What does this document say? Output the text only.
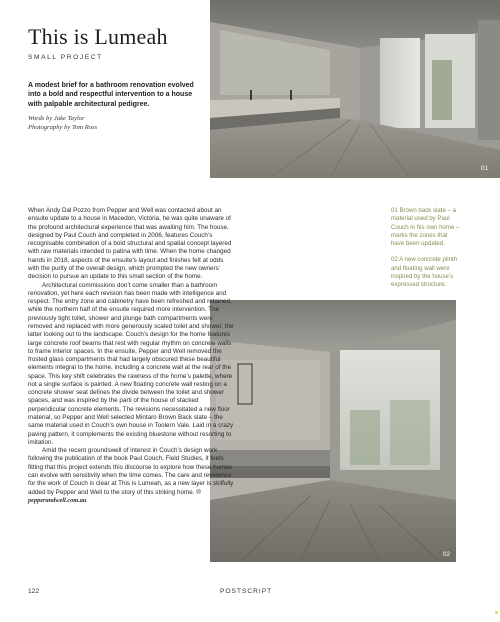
This is Lumeah
SMALL PROJECT
A modest brief for a bathroom renovation evolved into a bold and respectful intervention to a house with palpable architectural pedigree.
Words by Jake Taylor
Photography by Tom Ross
01
02

When Andy Dal Pozzo from Pepper and Well was contacted about an ensuite update to a house in Macedon, Victoria, he was quite unaware of the profound architectural experience that was awaiting him. The house, designed by Paul Couch and completed in 2006, features Couch’s recognisable combination of a bold structural and spatial concept layered with raw materials intended to patina with time. When the home changed hands in 2018, aspects of the ensuite’s layout and finishes felt at odds with the purity of the overall design, which prompted the new owners’ decision to pursue an update to this small section of the home.

Architectural commissions don’t come smaller than a bathroom renovation, yet here each revision has been made with intelligence and respect. The entry zone and cabinetry have been refreshed and retained, while the northern half of the ensuite required more intervention. The previously tight toilet, shower and plunge bath compartments were removed and replaced with more generously scaled toilet and shower, the latter looking out to the landscape. Couch’s design for the home features large concrete roof beams that rest with regular rhythm on concrete walls to frame interior spaces. In the ensuite, Pepper and Well removed the frosted glass compartments that had largely obscured these beautiful elements integral to the home, including a concrete wall at the rear of the space. This key shift celebrates the rawness of the home’s palette, where not a single surface is painted. A new floating concrete wall resting on a concrete shower seat defines the divide between the toilet and shower spaces, and was inspired by the parti of the house of stacked perpendicular concrete elements. The revisions necessitated a new floor material, so Pepper and Well selected Mintaro Brown Back slate – the same material used in Couch’s own house in Toolern Vale. Laid in a crazy paving pattern, it complements the existing bluestone without resorting to imitation.

Amid the recent groundswell of interest in Couch’s design work following the publication of the book Paul Couch, Field Studies, it feels fitting that this project extends this discourse to explore how these homes can evolve with sensitivity when the time comes. The care and reverence for the work of Couch is clear at This is Lumeah, as a new layer is skilfully added by Pepper and Well to the story of this striking home. ®

pepperandwell.com.au

01 Brown back slate – a material used by Paul Couch in his own home – marks the zones that have been updated.

02 A new concrete plinth and floating wall were inspired by the house’s expressed structure.

122	POSTSCRIPT
